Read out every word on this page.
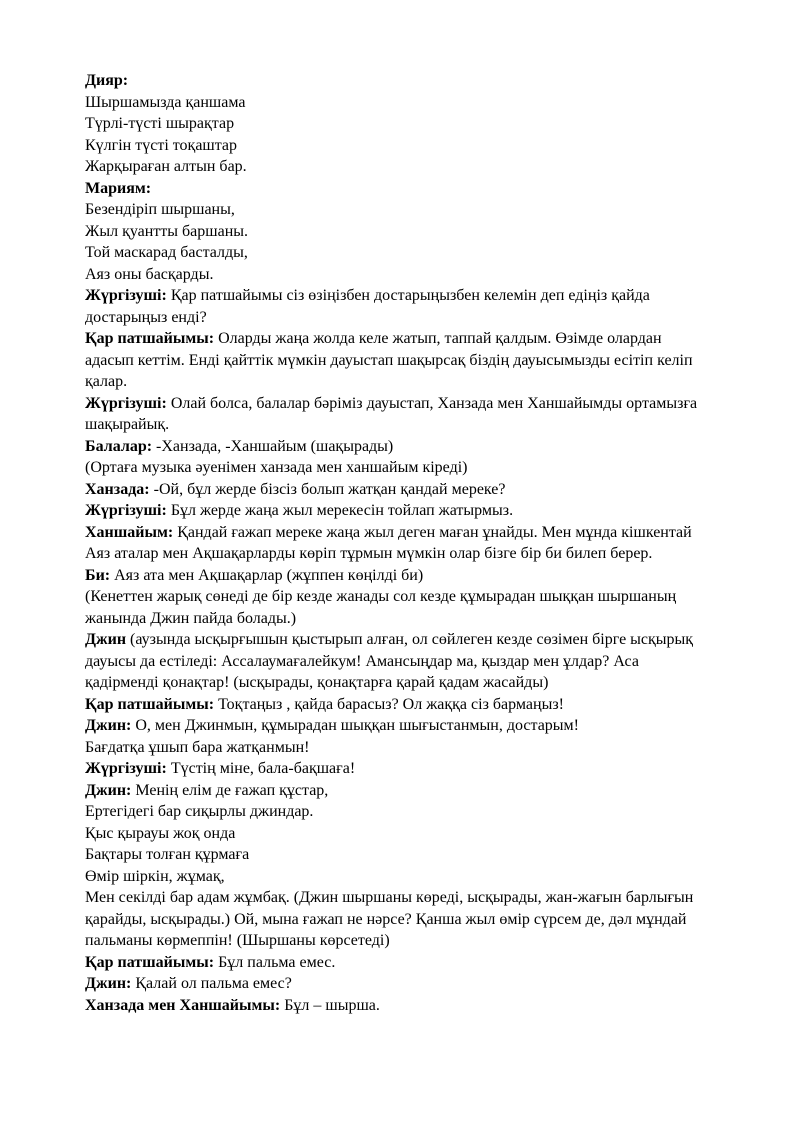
Дияр:

Шыршамызда қаншама

Түрлі-түсті шырақтар

Күлгін түсті тоқаштар

Жарқыраған алтын бар.

Мариям:

Безендіріп шыршаны,

Жыл қуантты баршаны.

Той маскарад басталды,

Аяз оны басқарды.

Жүргізуші: Қар патшайымы сіз өзіңізбен достарыңызбен келемін деп едіңіз қайда достарыңыз енді?

Қар патшайымы: Оларды жаңа жолда келе жатып, таппай қалдым. Өзімде олардан адасып кеттім. Енді қайттік мүмкін дауыстап шақырсақ біздің дауысымызды есітіп келіп қалар.

Жүргізуші: Олай болса, балалар бәріміз дауыстап, Ханзада мен Ханшайымды ортамызға шақырайық.

Балалар: -Ханзада, -Ханшайым (шақырады)

(Ортаға музыка әуенімен ханзада мен ханшайым кіреді)

Ханзада: -Ой, бұл жерде бізсіз болып жатқан қандай мереке?

Жүргізуші: Бұл жерде жаңа жыл мерекесін тойлап жатырмыз.

Ханшайым: Қандай ғажап мереке жаңа жыл деген маған ұнайды. Мен мұнда кішкентай Аяз аталар мен Ақшақарларды көріп тұрмын мүмкін олар бізге бір би билеп берер.

Би: Аяз ата мен Ақшақарлар (жұппен көңілді би)

(Кенеттен жарық сөнеді де бір кезде жанады сол кезде құмырадан шыққан шыршаның жанында Джин пайда болады.)

Джин (аузында ысқырғышын қыстырып алған, ол сөйлеген кезде сөзімен бірге ысқырық дауысы да естіледі: Ассалаумағалейкум! Амансыңдар ма, қыздар мен ұлдар? Аса қадірменді қонақтар! (ысқырады, қонақтарға қарай қадам жасайды)

Қар патшайымы: Тоқтаңыз , қайда барасыз? Ол жаққа сіз бармаңыз!

Джин: О, мен Джинмын, құмырадан шыққан шығыстанмын, достарым!

Бағдатқа ұшып бара жатқанмын!

Жүргізуші: Түстің міне, бала-бақшаға!

Джин: Менің елім де ғажап құстар,

Ертегідегі бар сиқырлы джиндар.

Қыс қырауы жоқ онда

Бақтары толған құрмаға

Өмір шіркін, жұмақ,

Мен секілді бар адам жұмбақ. (Джин шыршаны көреді, ысқырады, жан-жағын барлығын қарайды, ысқырады.) Ой, мына ғажап не нәрсе? Қанша жыл өмір сүрсем де, дәл мұндай пальманы көрмеппін! (Шыршаны көрсетеді)

Қар патшайымы: Бұл пальма емес.

Джин: Қалай ол пальма емес?

Ханзада мен Ханшайымы: Бұл – шырша.
